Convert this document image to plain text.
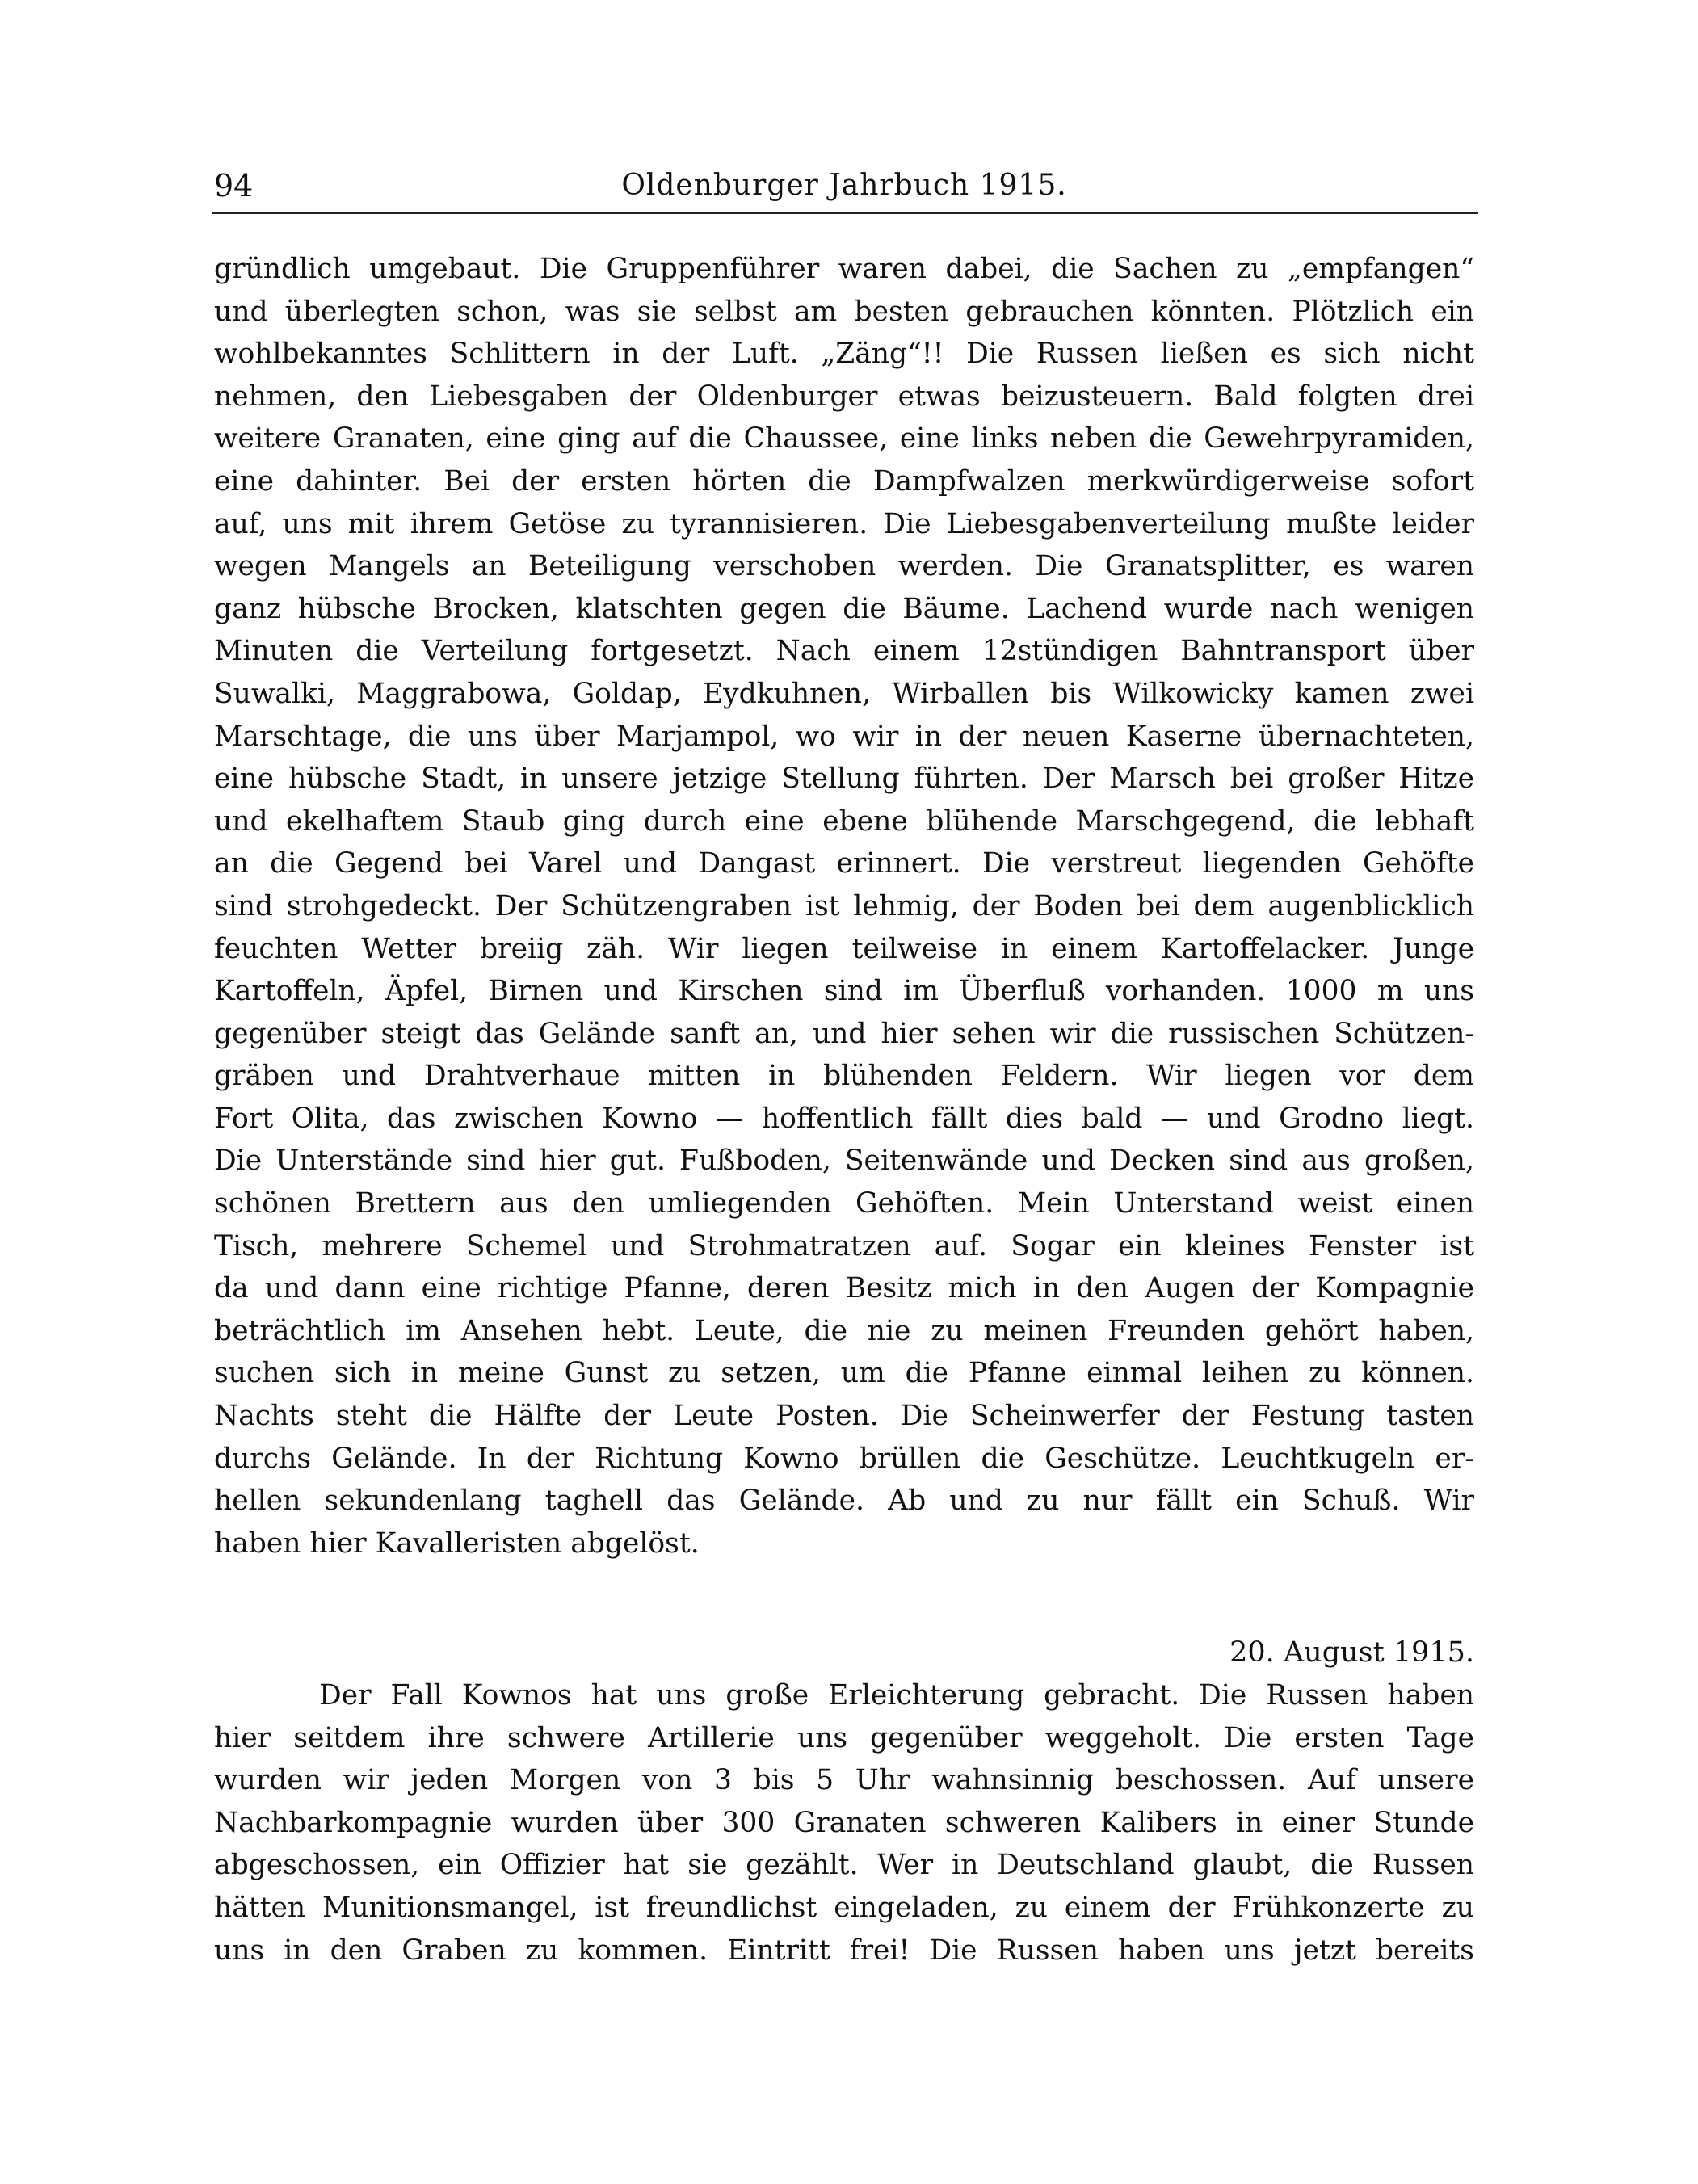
94	Oldenburger Jahrbuch 1915.
gründlich umgebaut. Die Gruppenführer waren dabei, die Sachen zu „empfangen“
und überlegten schon, was sie selbst am besten gebrauchen könnten. Plötzlich ein
wohlbekanntes Schlittern in der Luft. „Zäng“!! Die Russen ließen es sich nicht
nehmen, den Liebesgaben der Oldenburger etwas beizusteuern. Bald folgten drei
weitere Granaten, eine ging auf die Chaussee, eine links neben die Gewehrpyramiden,
eine dahinter. Bei der ersten hörten die Dampfwalzen merkwürdigerweise sofort
auf, uns mit ihrem Getöse zu tyrannisieren. Die Liebesgabenverteilung mußte leider
wegen Mangels an Beteiligung verschoben werden. Die Granatsplitter, es waren
ganz hübsche Brocken, klatschten gegen die Bäume. Lachend wurde nach wenigen
Minuten die Verteilung fortgesetzt. Nach einem 12stündigen Bahntransport über
Suwalki, Maggrabowa, Goldap, Eydkuhnen, Wirballen bis Wilkowicky kamen zwei
Marschtage, die uns über Marjampol, wo wir in der neuen Kaserne übernachteten,
eine hübsche Stadt, in unsere jetzige Stellung führten. Der Marsch bei großer Hitze
und ekelhaftem Staub ging durch eine ebene blühende Marschgegend, die lebhaft
an die Gegend bei Varel und Dangast erinnert. Die verstreut liegenden Gehöfte
sind strohgedeckt. Der Schützengraben ist lehmig, der Boden bei dem augenblicklich
feuchten Wetter breiig zäh. Wir liegen teilweise in einem Kartoffelacker. Junge
Kartoffeln, Äpfel, Birnen und Kirschen sind im Überfluß vorhanden. 1000 m uns
gegenüber steigt das Gelände sanft an, und hier sehen wir die russischen Schützen-
gräben und Drahtverhaue mitten in blühenden Feldern. Wir liegen vor dem
Fort Olita, das zwischen Kowno — hoffentlich fällt dies bald — und Grodno liegt.
Die Unterstände sind hier gut. Fußboden, Seitenwände und Decken sind aus großen,
schönen Brettern aus den umliegenden Gehöften. Mein Unterstand weist einen
Tisch, mehrere Schemel und Strohmatratzen auf. Sogar ein kleines Fenster ist
da und dann eine richtige Pfanne, deren Besitz mich in den Augen der Kompagnie
beträchtlich im Ansehen hebt. Leute, die nie zu meinen Freunden gehört haben,
suchen sich in meine Gunst zu setzen, um die Pfanne einmal leihen zu können.
Nachts steht die Hälfte der Leute Posten. Die Scheinwerfer der Festung tasten
durchs Gelände. In der Richtung Kowno brüllen die Geschütze. Leuchtkugeln er-
hellen sekundenlang taghell das Gelände. Ab und zu nur fällt ein Schuß. Wir
haben hier Kavalleristen abgelöst.
20. August 1915.
Der Fall Kownos hat uns große Erleichterung gebracht. Die Russen haben
hier seitdem ihre schwere Artillerie uns gegenüber weggeholt. Die ersten Tage
wurden wir jeden Morgen von 3 bis 5 Uhr wahnsinnig beschossen. Auf unsere
Nachbarkompagnie wurden über 300 Granaten schweren Kalibers in einer Stunde
abgeschossen, ein Offizier hat sie gezählt. Wer in Deutschland glaubt, die Russen
hätten Munitionsmangel, ist freundlichst eingeladen, zu einem der Frühkonzerte zu
uns in den Graben zu kommen. Eintritt frei! Die Russen haben uns jetzt bereits
